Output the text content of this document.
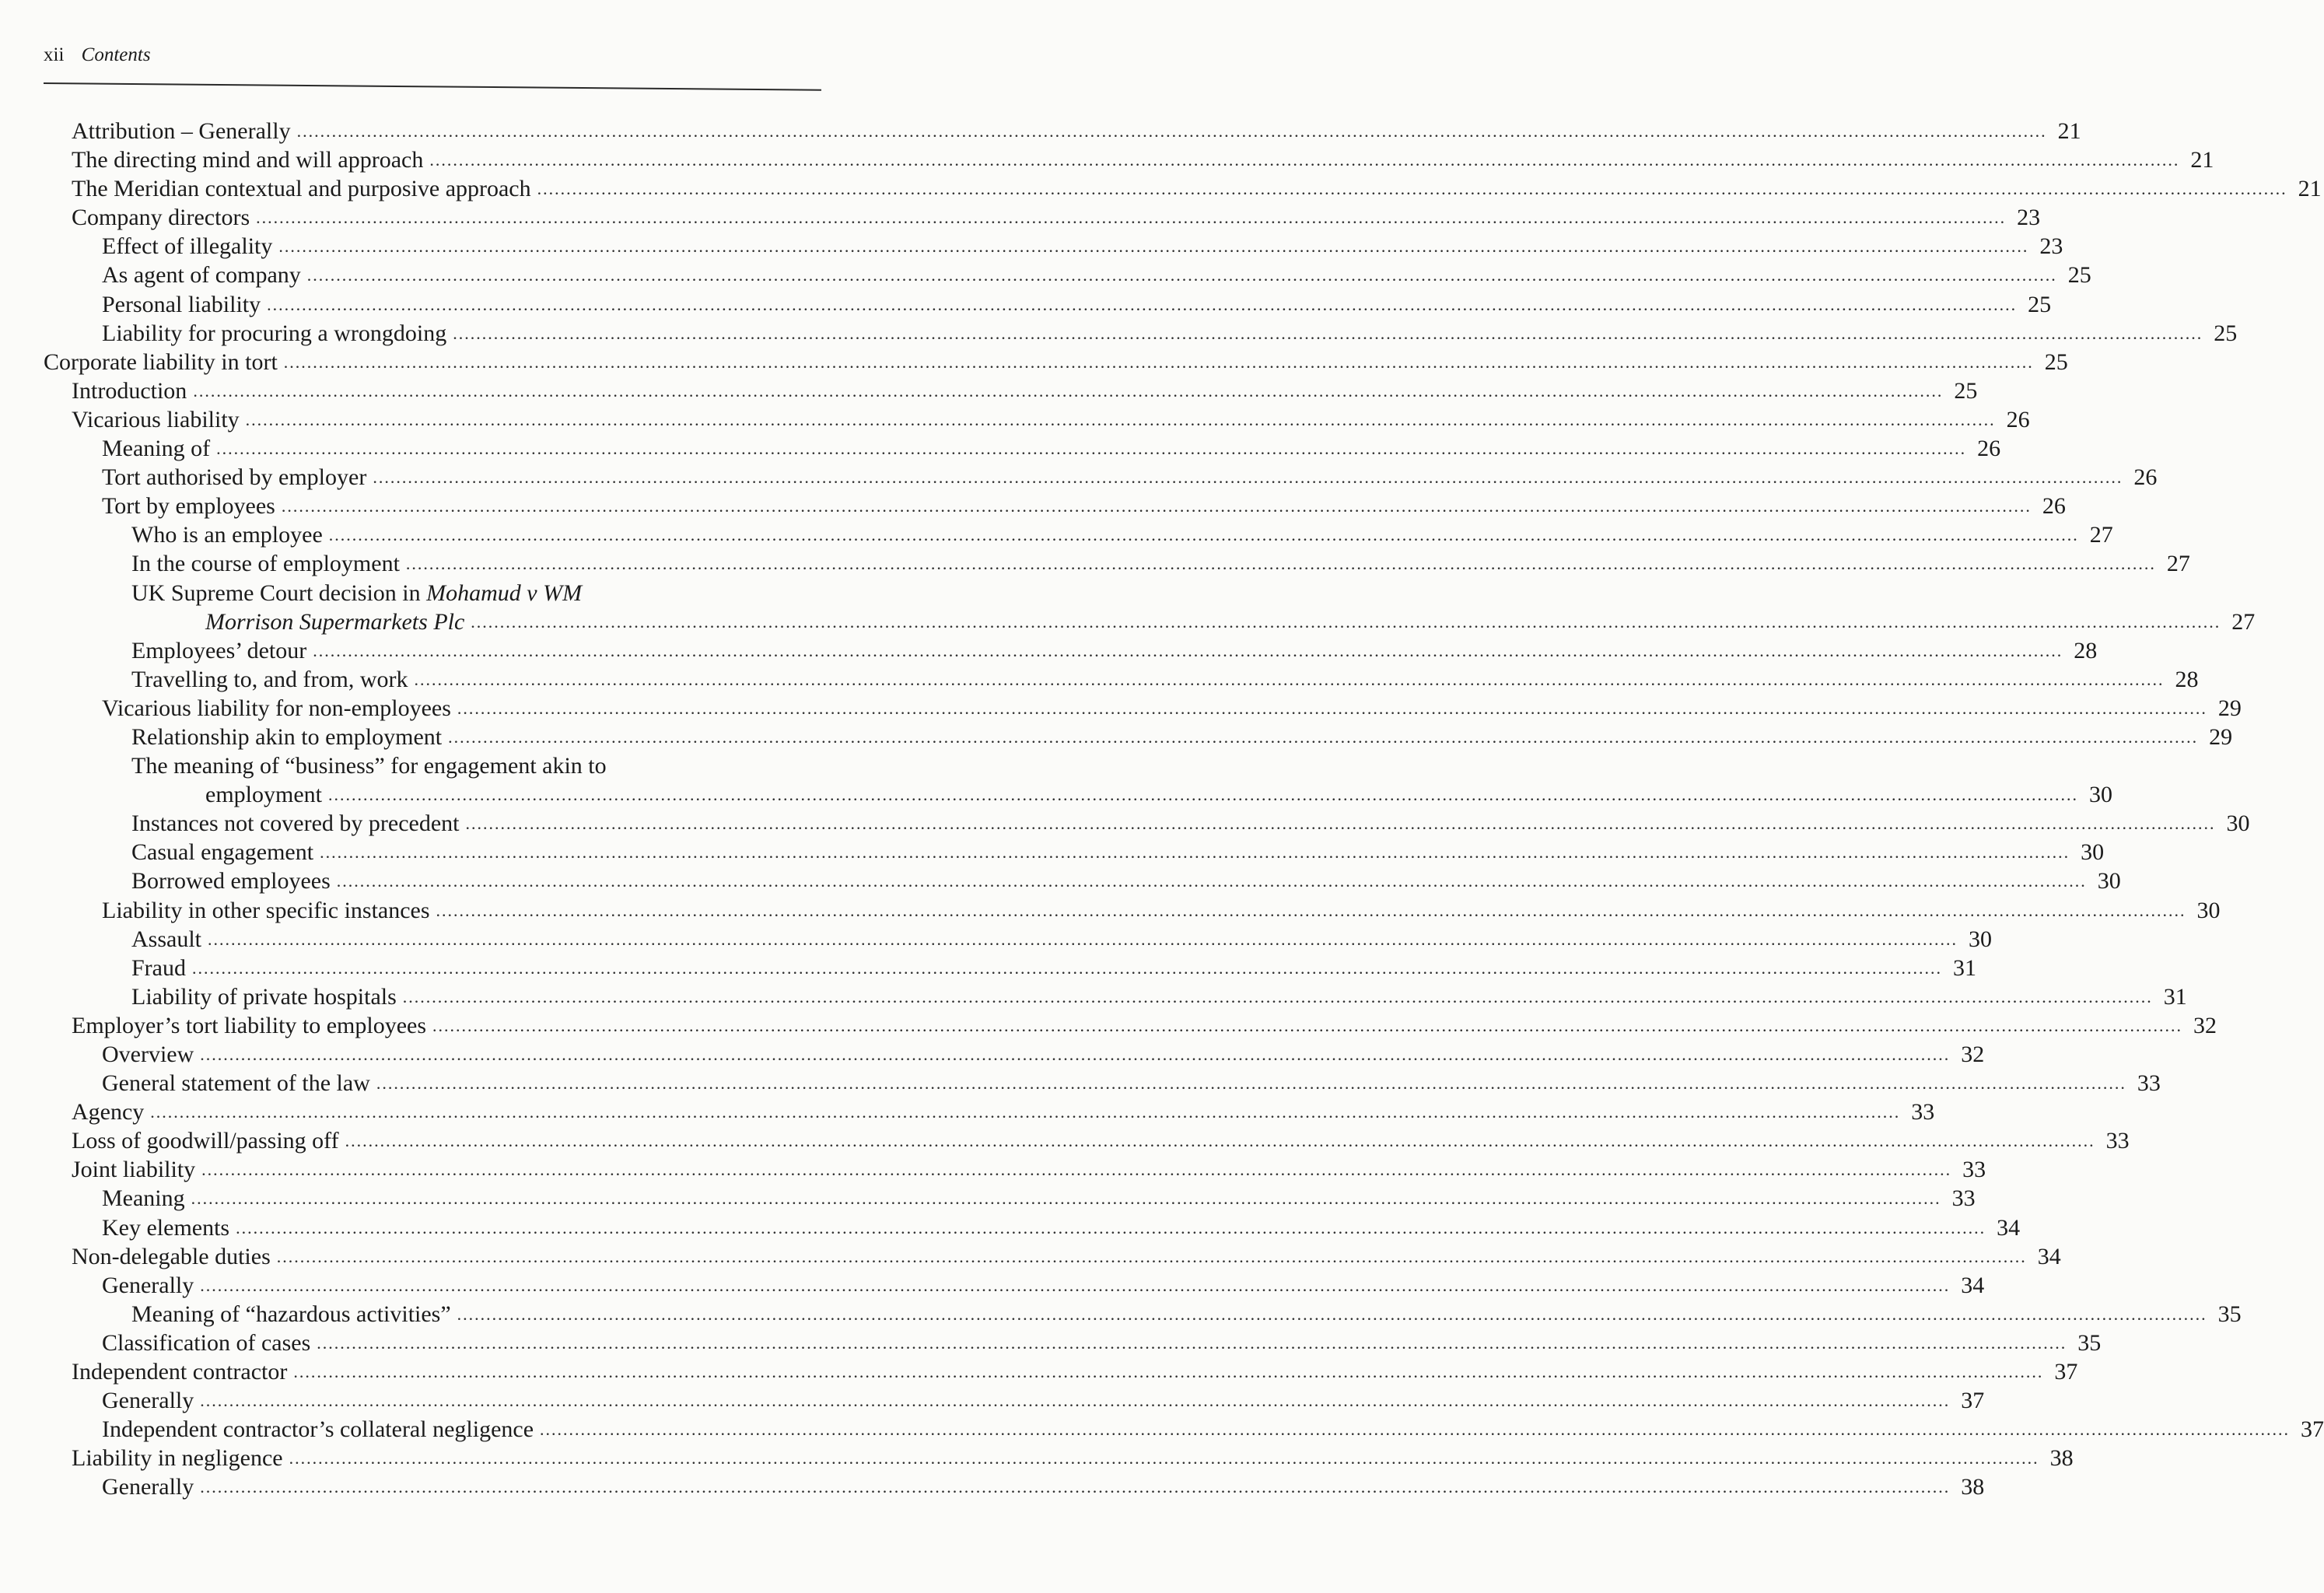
xii Contents
Attribution – Generally ............................................................................................................................................................................................................................................................................................................ 21
The directing mind and will approach ............................................................................................................................................................................................................................................................................................................ 21
The Meridian contextual and purposive approach ............................................................................................................................................................................................................................................................................................................ 21
Company directors ............................................................................................................................................................................................................................................................................................................ 23
Effect of illegality ............................................................................................................................................................................................................................................................................................................ 23
As agent of company ............................................................................................................................................................................................................................................................................................................ 25
Personal liability ............................................................................................................................................................................................................................................................................................................ 25
Liability for procuring a wrongdoing ............................................................................................................................................................................................................................................................................................................ 25
Corporate liability in tort ............................................................................................................................................................................................................................................................................................................ 25
Introduction ............................................................................................................................................................................................................................................................................................................ 25
Vicarious liability ............................................................................................................................................................................................................................................................................................................ 26
Meaning of ............................................................................................................................................................................................................................................................................................................ 26
Tort authorised by employer ............................................................................................................................................................................................................................................................................................................ 26
Tort by employees ............................................................................................................................................................................................................................................................................................................ 26
Who is an employee ............................................................................................................................................................................................................................................................................................................ 27
In the course of employment ............................................................................................................................................................................................................................................................................................................ 27
UK Supreme Court decision in Mohamud v WM
Morrison Supermarkets Plc ............................................................................................................................................................................................................................................................................................................ 27
Employees’ detour ............................................................................................................................................................................................................................................................................................................ 28
Travelling to, and from, work ............................................................................................................................................................................................................................................................................................................ 28
Vicarious liability for non-employees ............................................................................................................................................................................................................................................................................................................ 29
Relationship akin to employment ............................................................................................................................................................................................................................................................................................................ 29
The meaning of “business” for engagement akin to
employment ............................................................................................................................................................................................................................................................................................................ 30
Instances not covered by precedent ............................................................................................................................................................................................................................................................................................................ 30
Casual engagement ............................................................................................................................................................................................................................................................................................................ 30
Borrowed employees ............................................................................................................................................................................................................................................................................................................ 30
Liability in other specific instances ............................................................................................................................................................................................................................................................................................................ 30
Assault ............................................................................................................................................................................................................................................................................................................ 30
Fraud ............................................................................................................................................................................................................................................................................................................ 31
Liability of private hospitals ............................................................................................................................................................................................................................................................................................................ 31
Employer’s tort liability to employees ............................................................................................................................................................................................................................................................................................................ 32
Overview ............................................................................................................................................................................................................................................................................................................ 32
General statement of the law ............................................................................................................................................................................................................................................................................................................ 33
Agency ............................................................................................................................................................................................................................................................................................................ 33
Loss of goodwill/passing off ............................................................................................................................................................................................................................................................................................................ 33
Joint liability ............................................................................................................................................................................................................................................................................................................ 33
Meaning ............................................................................................................................................................................................................................................................................................................ 33
Key elements ............................................................................................................................................................................................................................................................................................................ 34
Non-delegable duties ............................................................................................................................................................................................................................................................................................................ 34
Generally ............................................................................................................................................................................................................................................................................................................ 34
Meaning of “hazardous activities” ............................................................................................................................................................................................................................................................................................................ 35
Classification of cases ............................................................................................................................................................................................................................................................................................................ 35
Independent contractor ............................................................................................................................................................................................................................................................................................................ 37
Generally ............................................................................................................................................................................................................................................................................................................ 37
Independent contractor’s collateral negligence ............................................................................................................................................................................................................................................................................................................ 37
Liability in negligence ............................................................................................................................................................................................................................................................................................................ 38
Generally ............................................................................................................................................................................................................................................................................................................ 38
